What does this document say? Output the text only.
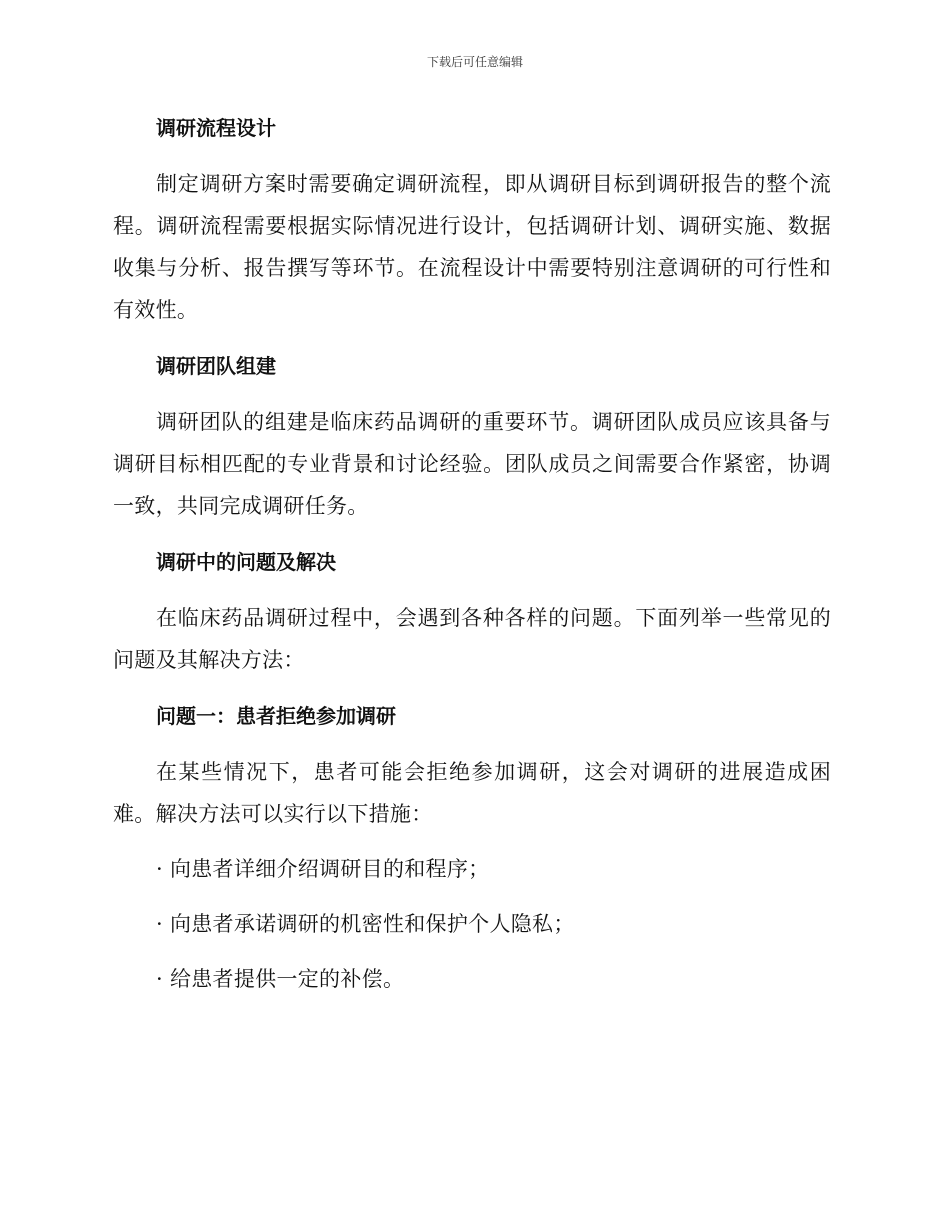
下载后可任意编辑
调研流程设计

制定调研方案时需要确定调研流程，即从调研目标到调研报告的整个流程。调研流程需要根据实际情况进行设计，包括调研计划、调研实施、数据收集与分析、报告撰写等环节。在流程设计中需要特别注意调研的可行性和有效性。

调研团队组建

调研团队的组建是临床药品调研的重要环节。调研团队成员应该具备与调研目标相匹配的专业背景和讨论经验。团队成员之间需要合作紧密，协调一致，共同完成调研任务。

调研中的问题及解决

在临床药品调研过程中，会遇到各种各样的问题。下面列举一些常见的问题及其解决方法：

问题一：患者拒绝参加调研

在某些情况下，患者可能会拒绝参加调研，这会对调研的进展造成困难。解决方法可以实行以下措施：

· 向患者详细介绍调研目的和程序；

· 向患者承诺调研的机密性和保护个人隐私；

· 给患者提供一定的补偿。
